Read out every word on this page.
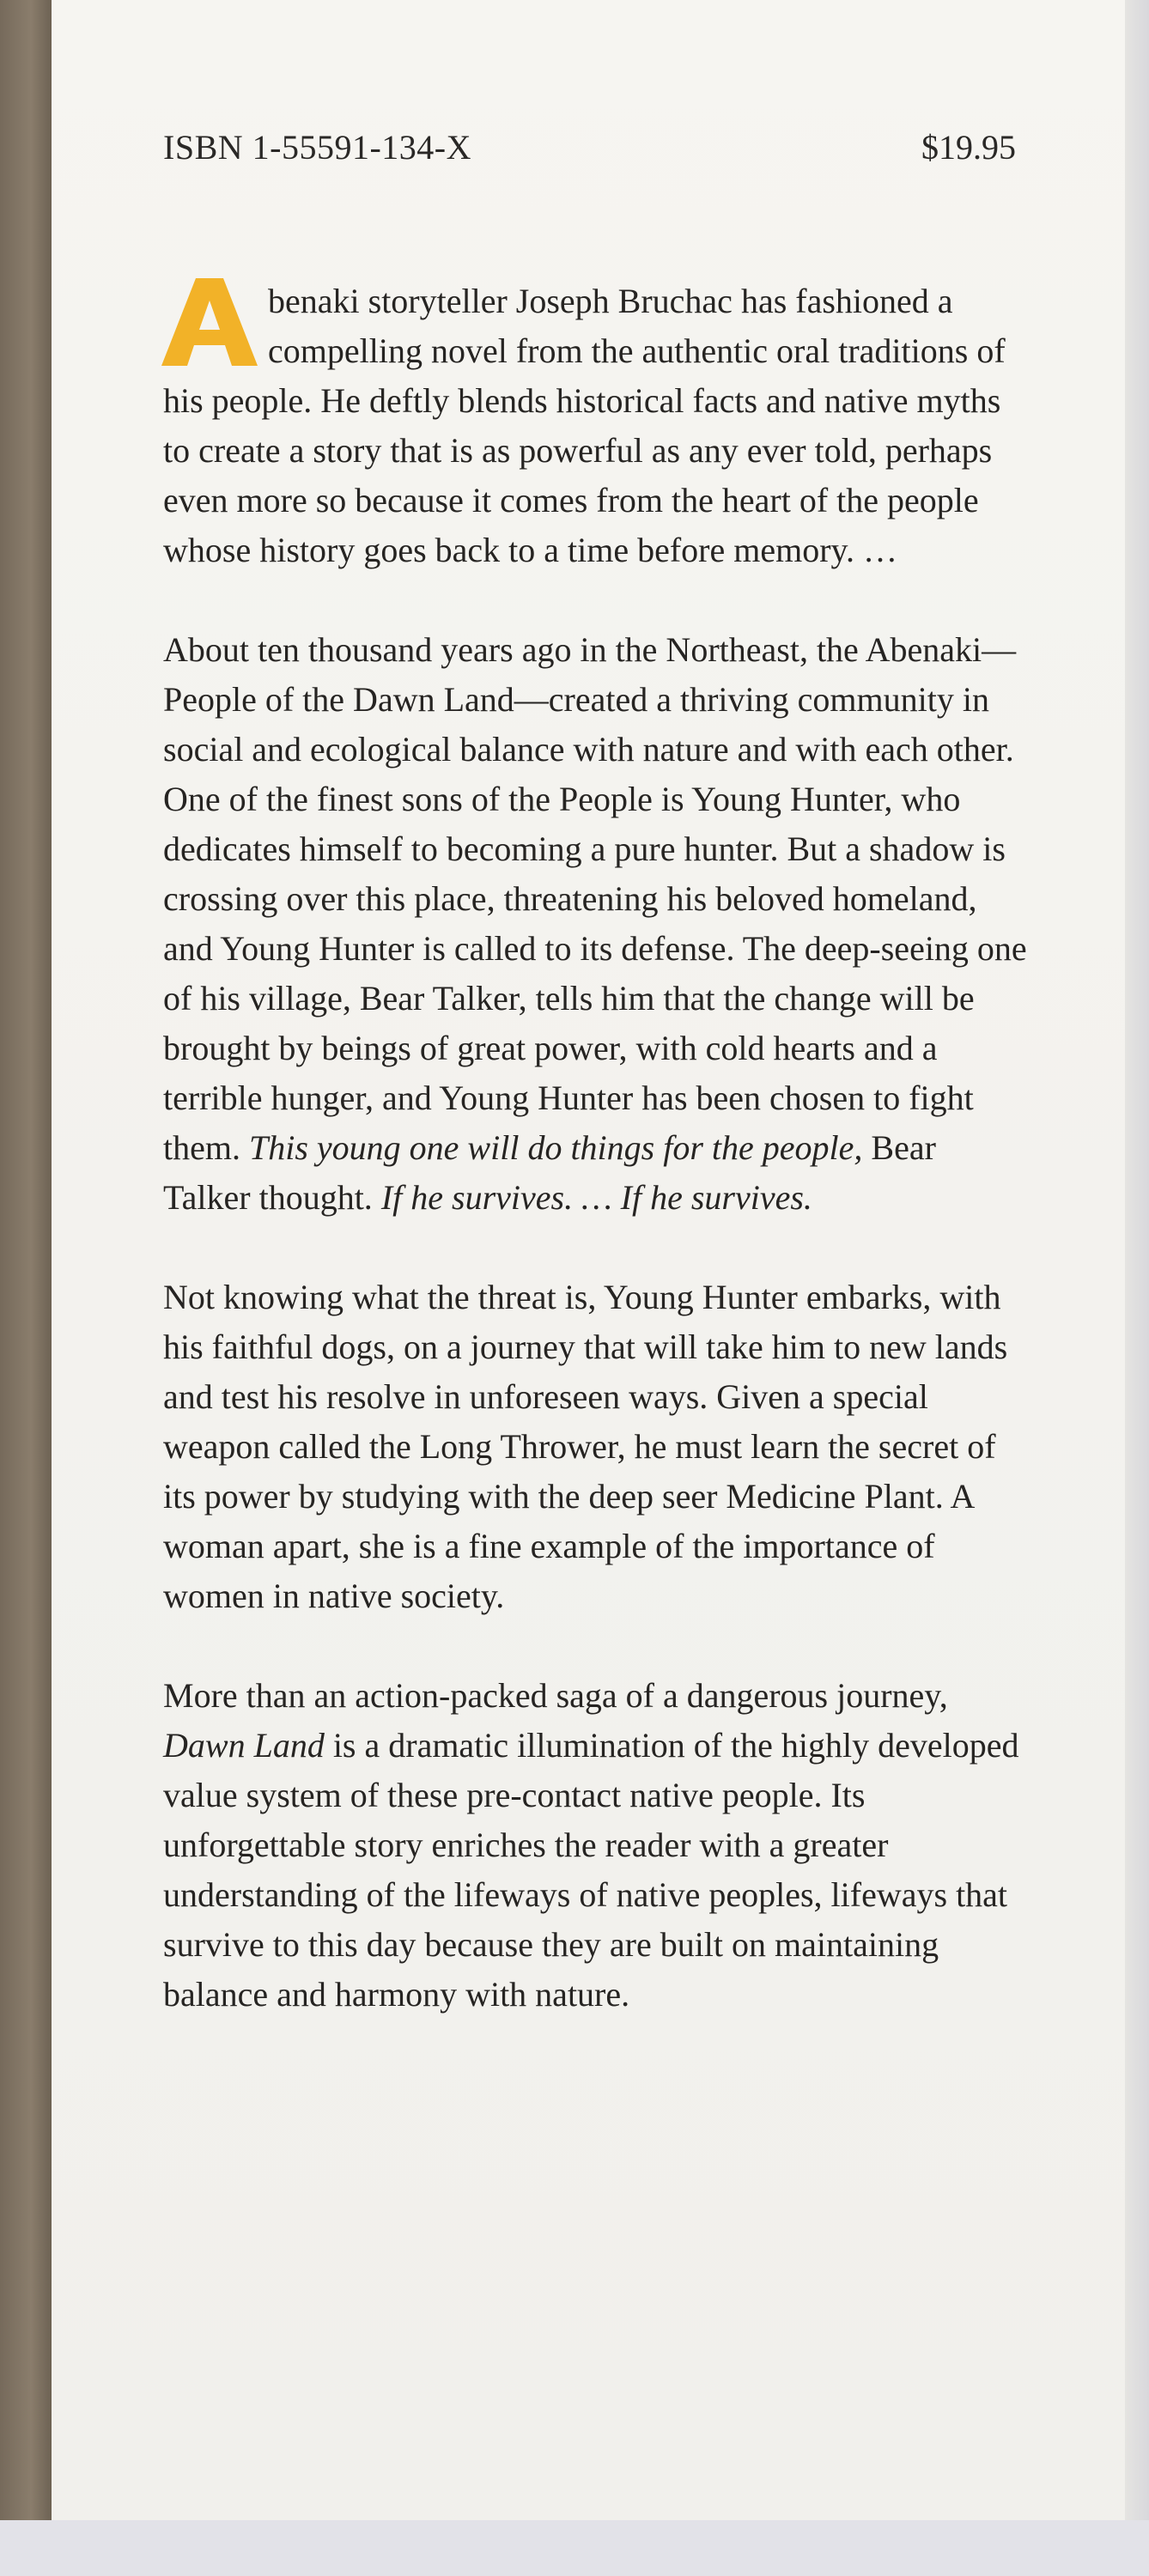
ISBN 1-55591-134-X	$19.95

benaki storyteller Joseph Bruchac has fashioned a compelling novel from the authentic oral traditions of his people. He deftly blends historical facts and native myths to create a story that is as powerful as any ever told, perhaps even more so because it comes from the heart of the people whose history goes back to a time before memory. …

About ten thousand years ago in the Northeast, the Abenaki—People of the Dawn Land—created a thriving community in social and ecological balance with nature and with each other. One of the finest sons of the People is Young Hunter, who dedicates himself to becoming a pure hunter. But a shadow is crossing over this place, threatening his beloved homeland, and Young Hunter is called to its defense. The deep-seeing one of his village, Bear Talker, tells him that the change will be brought by beings of great power, with cold hearts and a terrible hunger, and Young Hunter has been chosen to fight them. This young one will do things for the people, Bear Talker thought. If he survives. … If he survives.

Not knowing what the threat is, Young Hunter embarks, with his faithful dogs, on a journey that will take him to new lands and test his resolve in unforeseen ways. Given a special weapon called the Long Thrower, he must learn the secret of its power by studying with the deep seer Medicine Plant. A woman apart, she is a fine example of the importance of women in native society.

More than an action-packed saga of a dangerous journey, Dawn Land is a dramatic illumination of the highly developed value system of these pre-contact native people. Its unforgettable story enriches the reader with a greater understanding of the lifeways of native peoples, lifeways that survive to this day because they are built on maintaining balance and harmony with nature.
